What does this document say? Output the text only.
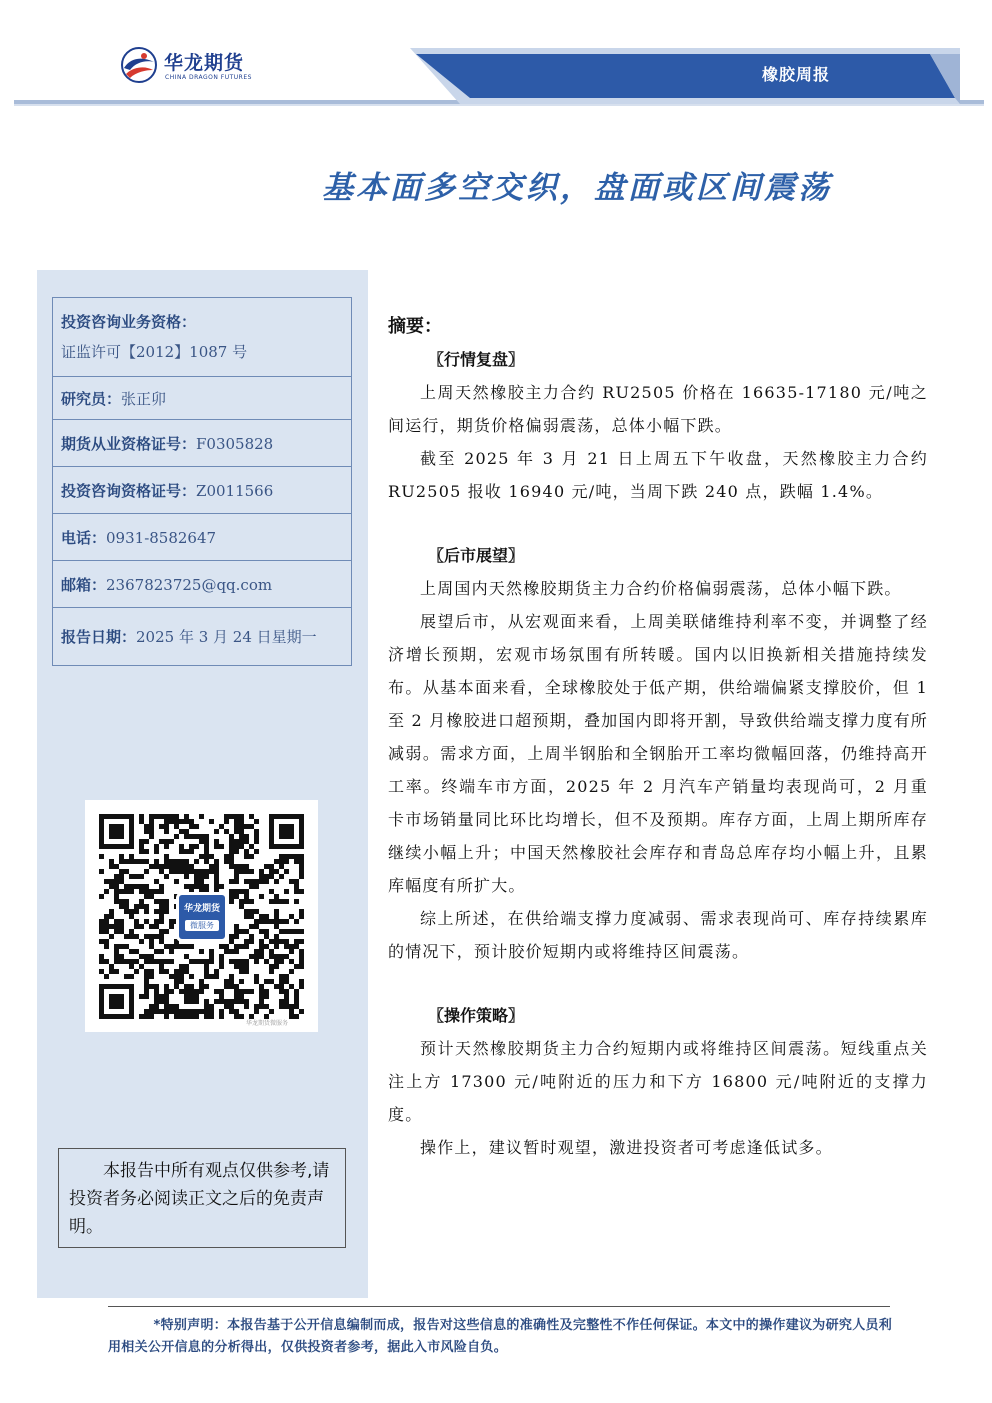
华龙期货
CHINA DRAGON FUTURES	橡胶周报
基本面多空交织，盘面或区间震荡
投资咨询业务资格：
证监许可【2012】1087 号
研究员：张正卯
期货从业资格证号：F0305828
投资咨询资格证号：Z0011566
电话：0931-8582647
邮箱：2367823725@qq.com
报告日期：2025 年 3 月 24 日星期一
华龙期货
微服务
华龙期货微服务
本报告中所有观点仅供参考,请投资者务必阅读正文之后的免责声明。
摘要：
〖行情复盘〗

上周天然橡胶主力合约 RU2505 价格在 16635-17180 元/吨之间运行，期货价格偏弱震荡，总体小幅下跌。

截至 2025 年 3 月 21 日上周五下午收盘，天然橡胶主力合约 RU2505 报收 16940 元/吨，当周下跌 240 点，跌幅 1.4%。

〖后市展望〗

上周国内天然橡胶期货主力合约价格偏弱震荡，总体小幅下跌。

展望后市，从宏观面来看，上周美联储维持利率不变，并调整了经济增长预期，宏观市场氛围有所转暖。国内以旧换新相关措施持续发布。从基本面来看，全球橡胶处于低产期，供给端偏紧支撑胶价，但 1 至 2 月橡胶进口超预期，叠加国内即将开割，导致供给端支撑力度有所减弱。需求方面，上周半钢胎和全钢胎开工率均微幅回落，仍维持高开工率。终端车市方面，2025 年 2 月汽车产销量均表现尚可，2 月重卡市场销量同比环比均增长，但不及预期。库存方面，上周上期所库存继续小幅上升；中国天然橡胶社会库存和青岛总库存均小幅上升，且累库幅度有所扩大。

综上所述，在供给端支撑力度减弱、需求表现尚可、库存持续累库的情况下，预计胶价短期内或将维持区间震荡。

〖操作策略〗

预计天然橡胶期货主力合约短期内或将维持区间震荡。短线重点关注上方 17300 元/吨附近的压力和下方 16800 元/吨附近的支撑力度。

操作上，建议暂时观望，激进投资者可考虑逢低试多。

*特别声明：本报告基于公开信息编制而成，报告对这些信息的准确性及完整性不作任何保证。本文中的操作建议为研究人员利用相关公开信息的分析得出，仅供投资者参考，据此入市风险自负。
